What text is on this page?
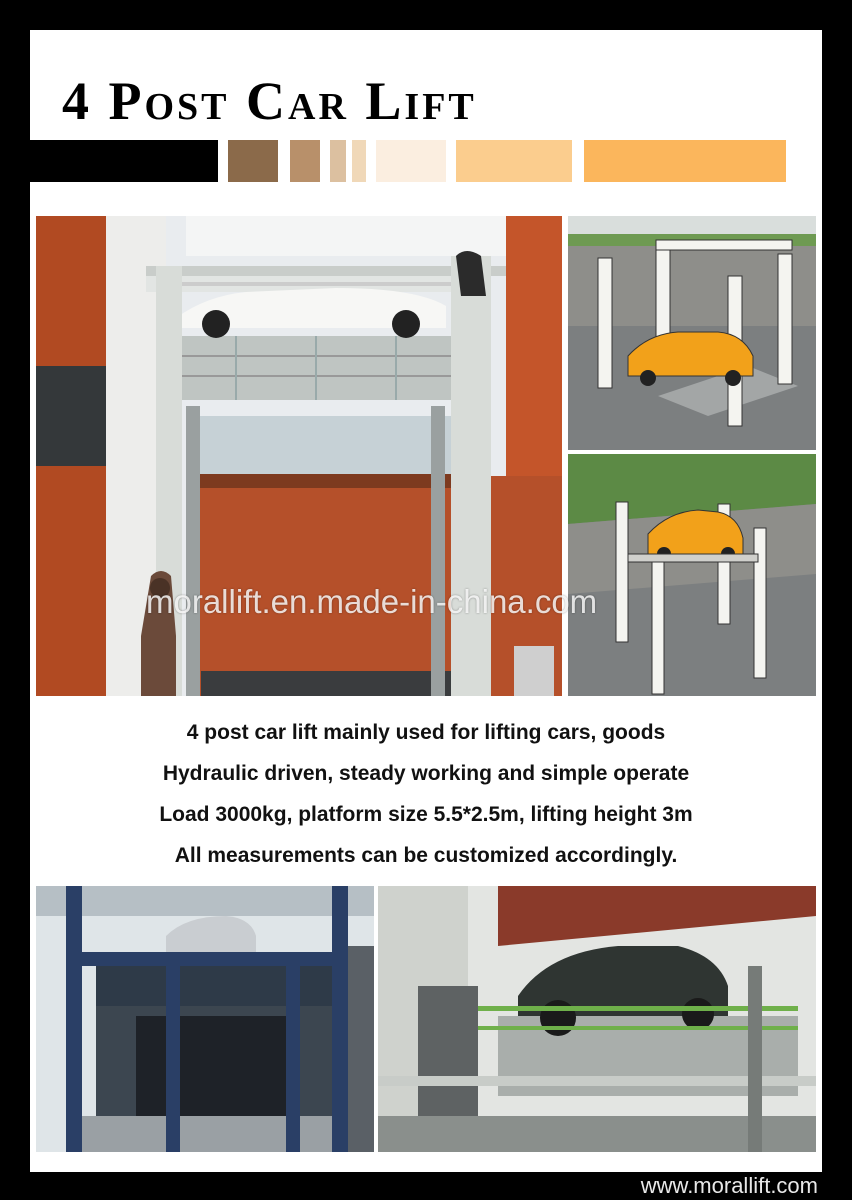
4 Post Car Lift
morallift.en.made-in-china.com
4 post car lift mainly used for lifting cars, goods
Hydraulic driven, steady working and simple operate
Load 3000kg, platform size 5.5*2.5m, lifting height 3m
All measurements can be customized accordingly.
www.morallift.com
